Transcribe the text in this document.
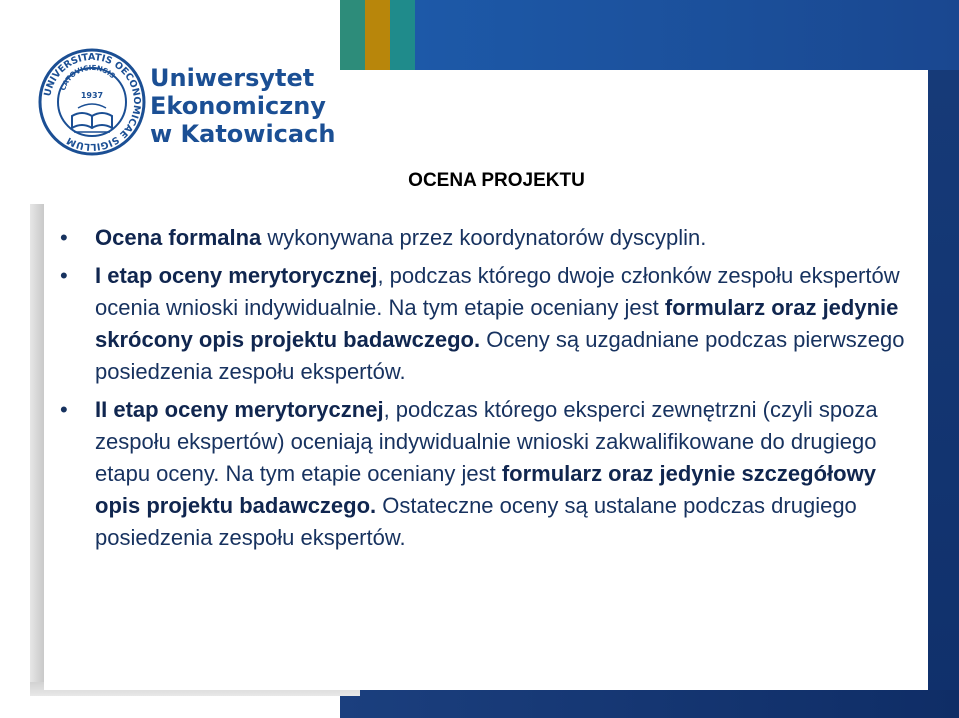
UNIVERSITATIS OECONOMICAE SIGILLUM
CATOVICIENSIS
1937
Uniwersytet
Ekonomiczny
w Katowicach
OCENA PROJEKTU
• Ocena formalna wykonywana przez koordynatorów dyscyplin.
• I etap oceny merytorycznej, podczas którego dwoje członków zespołu ekspertów ocenia wnioski indywidualnie. Na tym etapie oceniany jest formularz oraz jedynie skrócony opis projektu badawczego. Oceny są uzgadniane podczas pierwszego posiedzenia zespołu ekspertów.
• II etap oceny merytorycznej, podczas którego eksperci zewnętrzni (czyli spoza zespołu ekspertów) oceniają indywidualnie wnioski zakwalifikowane do drugiego etapu oceny. Na tym etapie oceniany jest formularz oraz jedynie szczegółowy opis projektu badawczego. Ostateczne oceny są ustalane podczas drugiego posiedzenia zespołu ekspertów.
